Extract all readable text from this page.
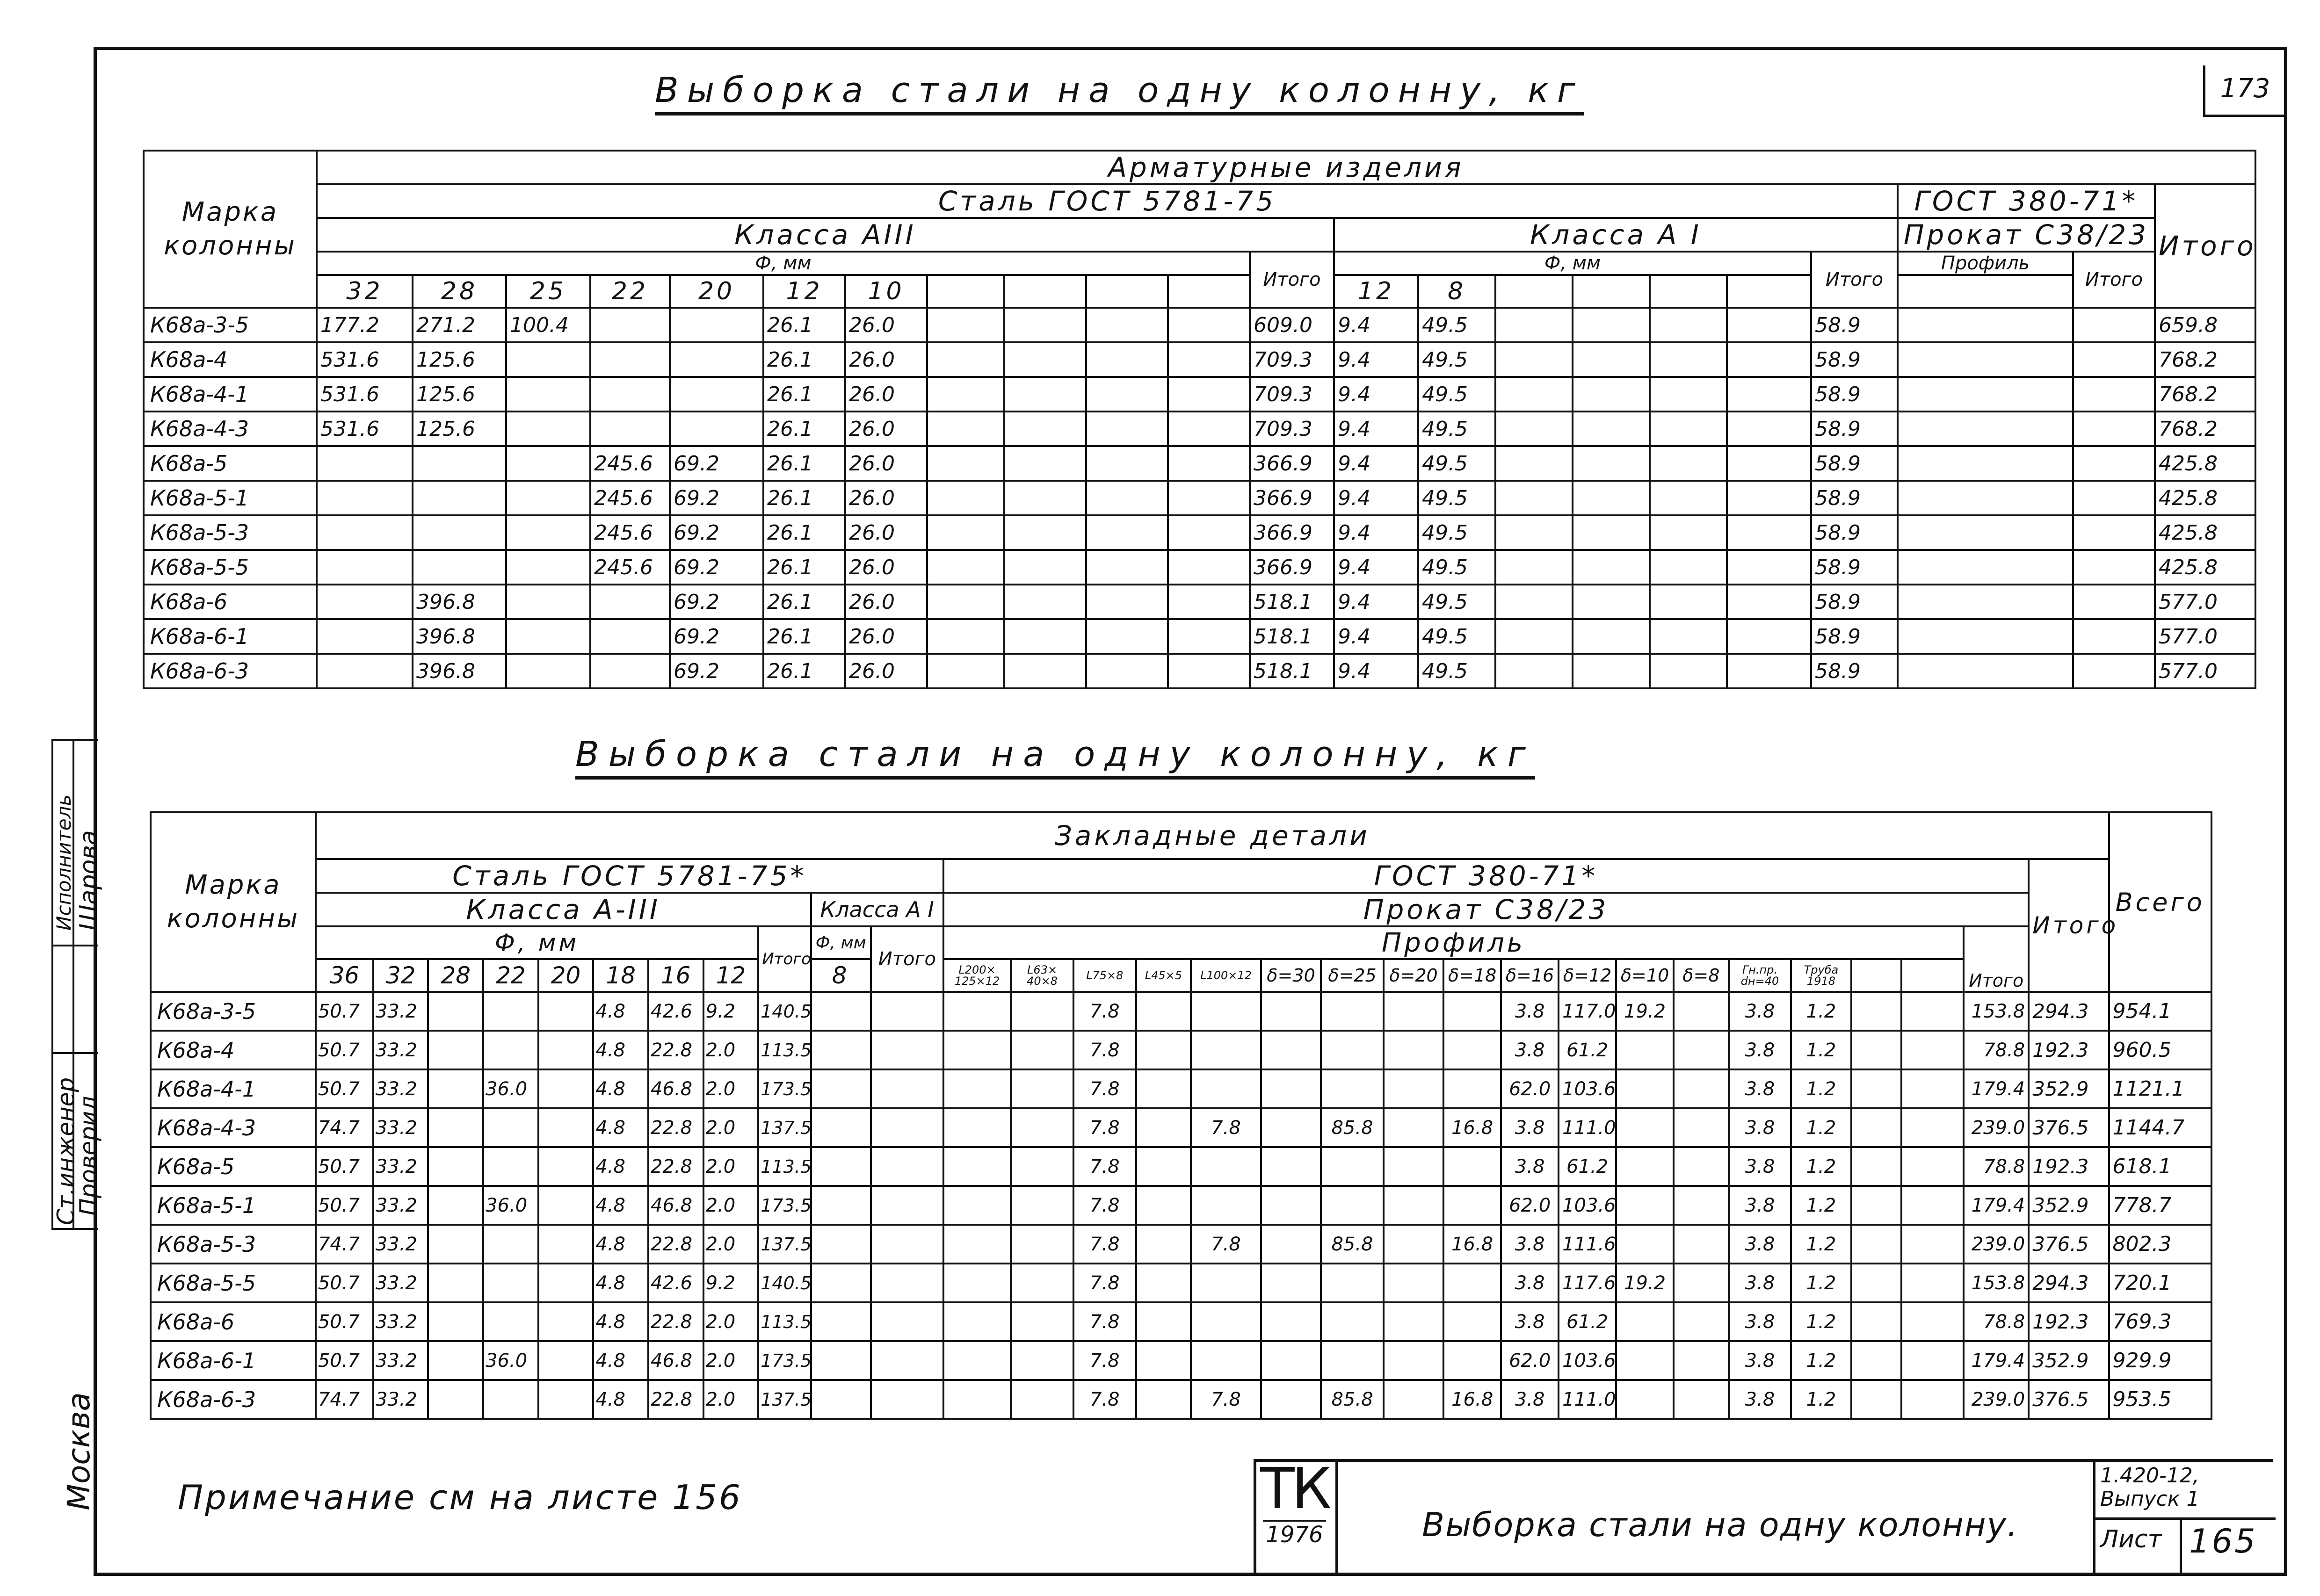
173
Исполнитель Шарова
Ст.инженер
Проверил
Москва
Выборка стали на одну колонну, кг
Марка колонны	Арматурные изделия																					
	Сталь ГОСТ 5781-75																			ГОСТ 380-71*		Итого
	Класса АIII												Класса А I							Прокат С38/23		
	Ф, мм											Итого	Ф, мм						Итого	Профиль	Итого	
	32	28	25	22	20	12	10						12	8								
К68а-3-5	177.2	271.2	100.4			26.1	26.0					609.0	9.4	49.5					58.9			659.8
К68а-4	531.6	125.6				26.1	26.0					709.3	9.4	49.5					58.9			768.2
К68а-4-1	531.6	125.6				26.1	26.0					709.3	9.4	49.5					58.9			768.2
К68а-4-3	531.6	125.6				26.1	26.0					709.3	9.4	49.5					58.9			768.2
К68а-5				245.6	69.2	26.1	26.0					366.9	9.4	49.5					58.9			425.8
К68а-5-1				245.6	69.2	26.1	26.0					366.9	9.4	49.5					58.9			425.8
К68а-5-3				245.6	69.2	26.1	26.0					366.9	9.4	49.5					58.9			425.8
К68а-5-5				245.6	69.2	26.1	26.0					366.9	9.4	49.5					58.9			425.8
К68а-6		396.8			69.2	26.1	26.0					518.1	9.4	49.5					58.9			577.0
К68а-6-1		396.8			69.2	26.1	26.0					518.1	9.4	49.5					58.9			577.0
К68а-6-3		396.8			69.2	26.1	26.0					518.1	9.4	49.5					58.9			577.0
Выборка стали на одну колонну, кг
Марка колонны	Закладные детали																														Всего
	Сталь ГОСТ 5781-75*											ГОСТ 380-71*																		Итого	
	Класса А-III									Класса А I		Прокат С38/23																			
	Ф, мм								Итого	Ф, мм	Итого	Профиль																	Итого		
	36	32	28	22	20	18	16	12		8		L200× 125×12	L63× 40×8	L75×8	L45×5	L100×12	δ=30	δ=25	δ=20	δ=18	δ=16	δ=12	δ=10	δ=8	Гн.пр. dн=40	Труба 1918					
К68а-3-5	50.7	33.2				4.8	42.6	9.2	140.5					7.8							3.8	117.0	19.2		3.8	1.2			153.8	294.3	954.1
К68а-4	50.7	33.2				4.8	22.8	2.0	113.5					7.8							3.8	61.2			3.8	1.2			78.8	192.3	960.5
К68а-4-1	50.7	33.2		36.0		4.8	46.8	2.0	173.5					7.8							62.0	103.6			3.8	1.2			179.4	352.9	1121.1
К68а-4-3	74.7	33.2				4.8	22.8	2.0	137.5					7.8		7.8		85.8		16.8	3.8	111.0			3.8	1.2			239.0	376.5	1144.7
К68а-5	50.7	33.2				4.8	22.8	2.0	113.5					7.8							3.8	61.2			3.8	1.2			78.8	192.3	618.1
К68а-5-1	50.7	33.2		36.0		4.8	46.8	2.0	173.5					7.8							62.0	103.6			3.8	1.2			179.4	352.9	778.7
К68а-5-3	74.7	33.2				4.8	22.8	2.0	137.5					7.8		7.8		85.8		16.8	3.8	111.6			3.8	1.2			239.0	376.5	802.3
К68а-5-5	50.7	33.2				4.8	42.6	9.2	140.5					7.8							3.8	117.6	19.2		3.8	1.2			153.8	294.3	720.1
К68а-6	50.7	33.2				4.8	22.8	2.0	113.5					7.8							3.8	61.2			3.8	1.2			78.8	192.3	769.3
К68а-6-1	50.7	33.2		36.0		4.8	46.8	2.0	173.5					7.8							62.0	103.6			3.8	1.2			179.4	352.9	929.9
К68а-6-3	74.7	33.2				4.8	22.8	2.0	137.5					7.8		7.8		85.8		16.8	3.8	111.0			3.8	1.2			239.0	376.5	953.5
Примечание см на листе 156	ТК
1976	Выборка стали на одну колонну.
1.420-12,
Выпуск 1
Лист 165
